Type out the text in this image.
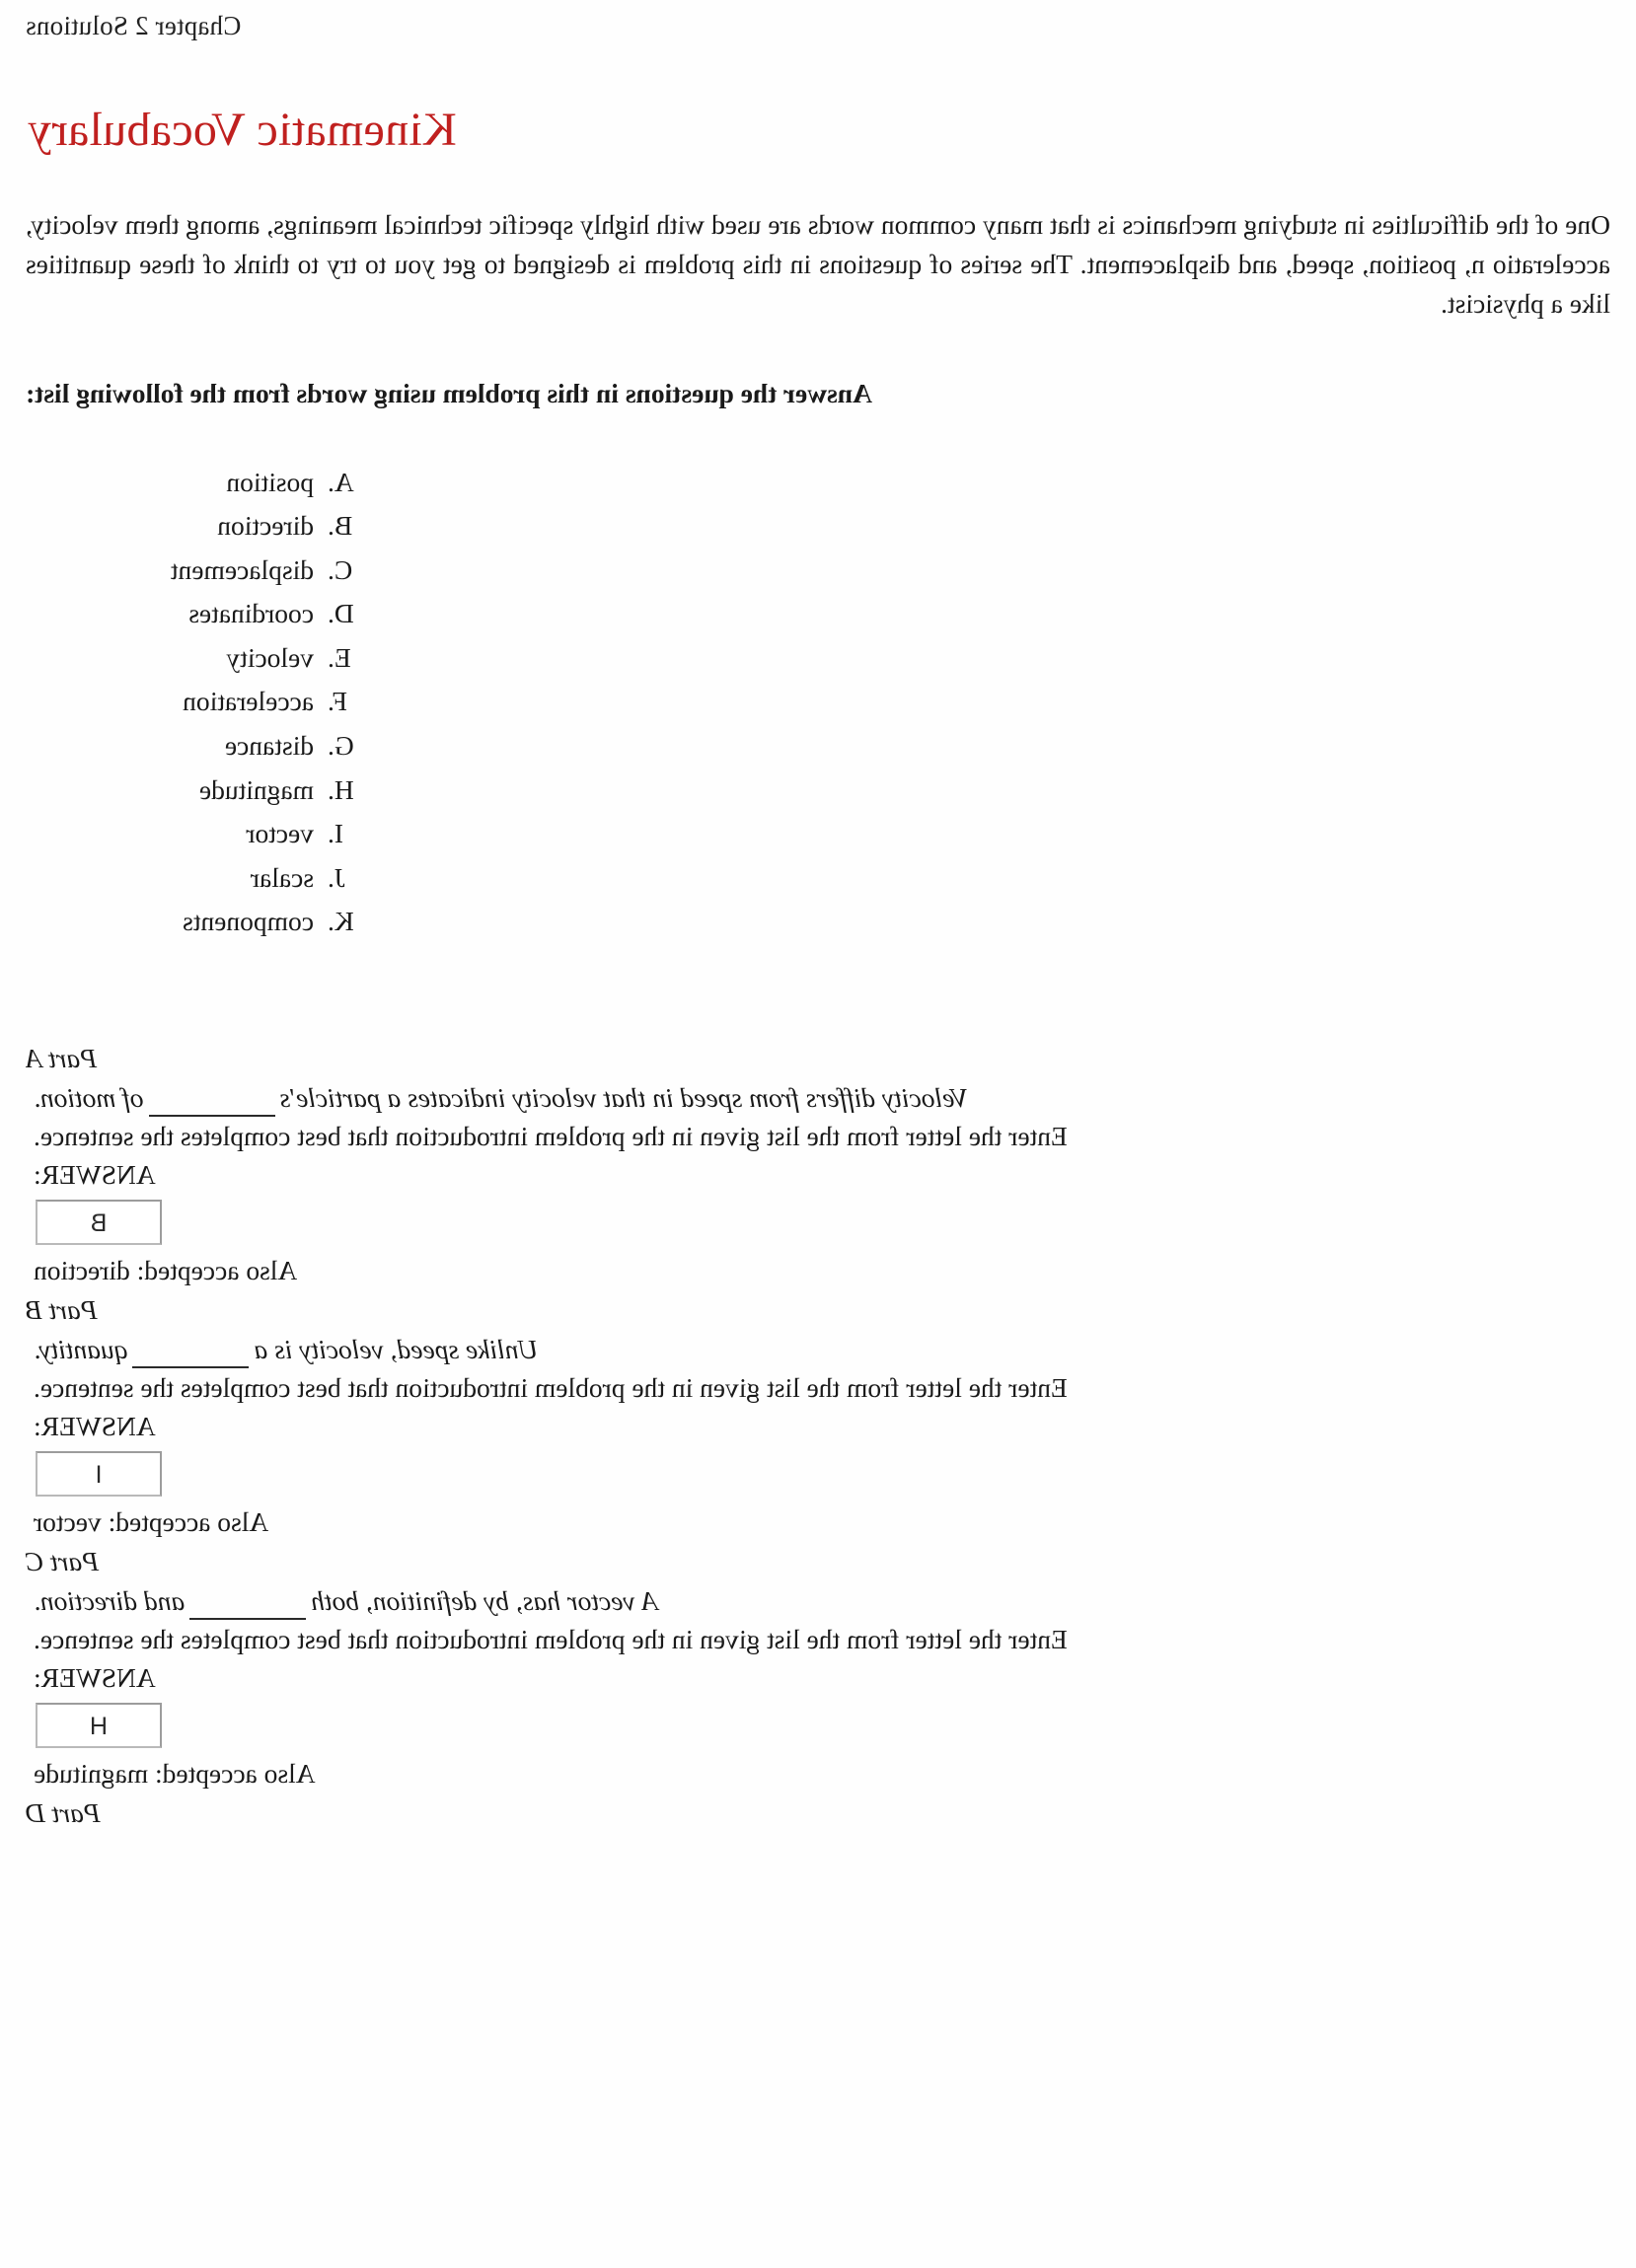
Chapter 2 Solutions
Kinematic Vocabulary

One of the difficulties in studying mechanics is that many common words are used with highly specific technical meanings, among them velocity, acceleratio n, position, speed, and displacement. The series of questions in this problem is designed to get you to try to think of these quantities like a physicist.

Answer the questions in this problem using words from the following list:
A.
position
B.
direction
C.
displacement
D.
coordinates
E.
velocity
F.
acceleration
G.
distance
H.
magnitude
I.
vector
J.
scalar
K.
components
Part A
Velocity differs from speed in that velocity indicates a particle'sof motion.
Enter the letter from the list given in the problem introduction that best completes the sentence.
ANSWER:
B
Also accepted: direction
Part B
Unlike speed, velocity is aquantity.
Enter the letter from the list given in the problem introduction that best completes the sentence.
ANSWER:
I
Also accepted: vector
Part C
A vector has, by definition, bothand direction.
Enter the letter from the list given in the problem introduction that best completes the sentence.
ANSWER:
H
Also accepted: magnitude
Part D
